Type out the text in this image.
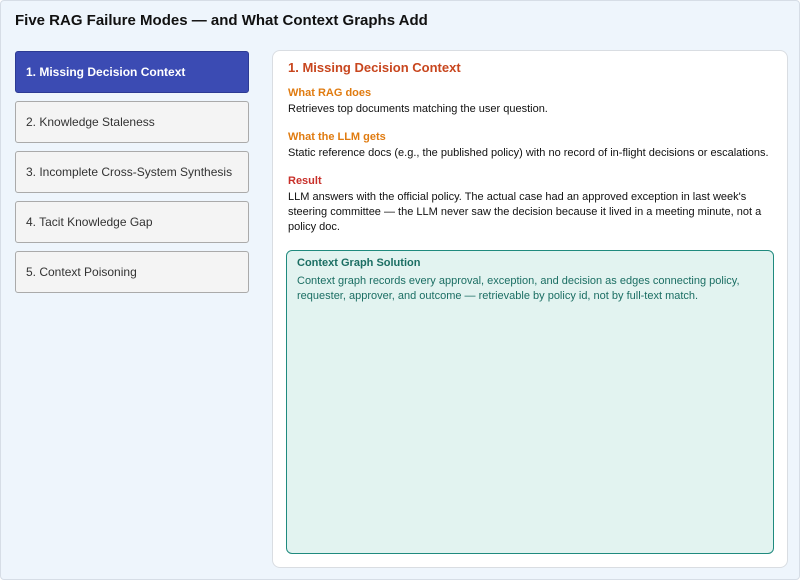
Five RAG Failure Modes — and What Context Graphs Add
1. Missing Decision Context
2. Knowledge Staleness
3. Incomplete Cross-System Synthesis
4. Tacit Knowledge Gap
5. Context Poisoning
1. Missing Decision Context
What RAG does
Retrieves top documents matching the user question.
What the LLM gets
Static reference docs (e.g., the published policy) with no record of in-flight decisions or escalations.
Result
LLM answers with the official policy. The actual case had an approved exception in last week's steering committee — the LLM never saw the decision because it lived in a meeting minute, not a policy doc.
Context Graph Solution
Context graph records every approval, exception, and decision as edges connecting policy, requester, approver, and outcome — retrievable by policy id, not by full-text match.
